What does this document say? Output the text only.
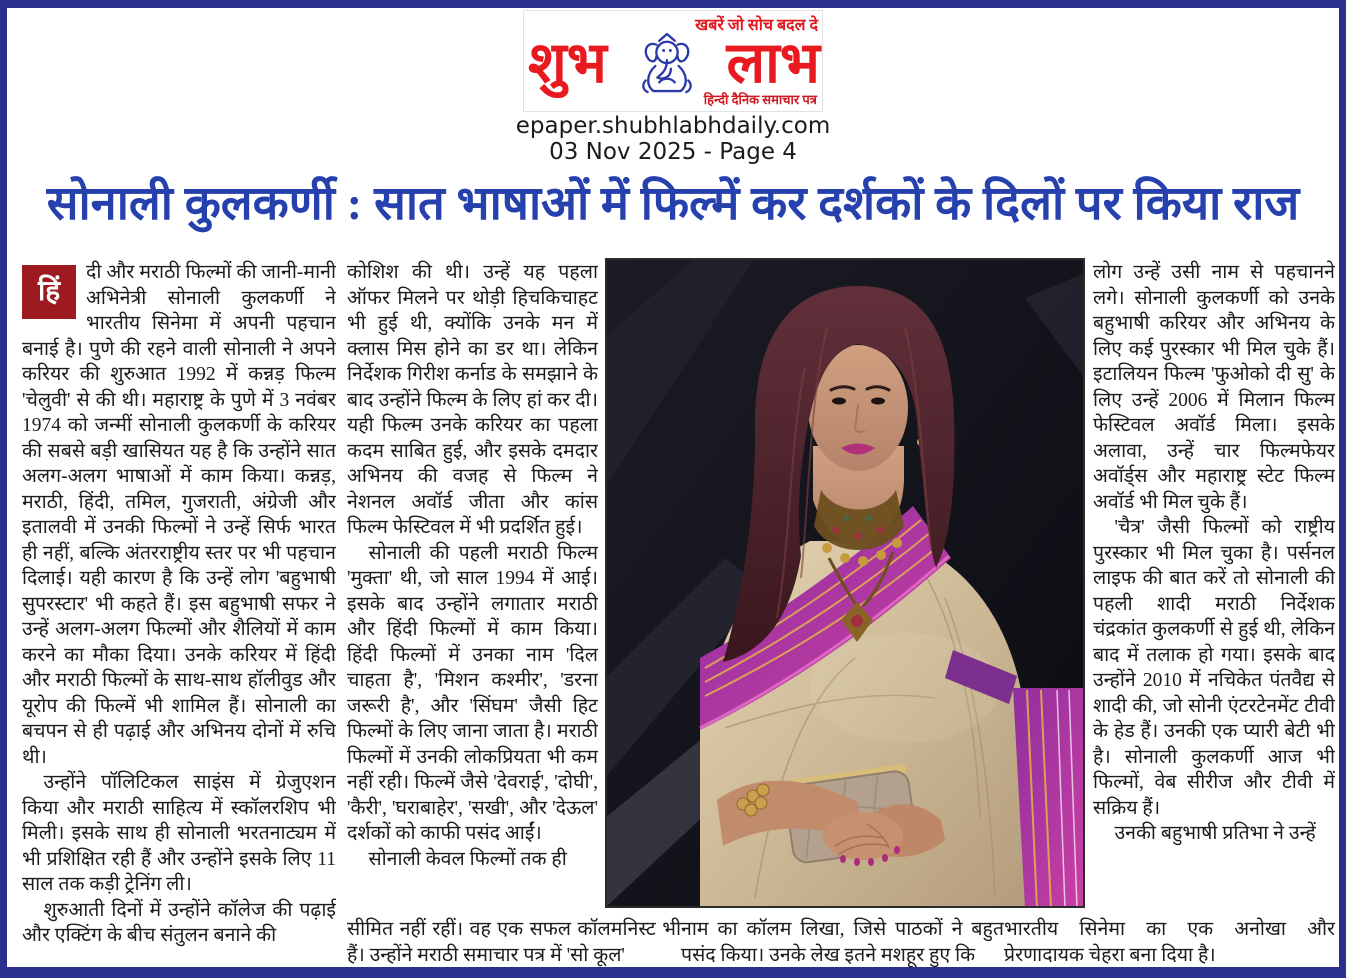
खबरें जो सोच बदल दे
शुभ लाभ
हिन्दी दैनिक समाचार पत्र
epaper.shubhlabhdaily.com
03 Nov 2025 - Page 4
सोनाली कुलकर्णी : सात भाषाओं में फिल्में कर दर्शकों के दिलों पर किया राज
हिं

दी और मराठी फिल्मों की जानी-मानी अभिनेत्री सोनाली कुलकर्णी ने भारतीय सिनेमा में अपनी पहचान बनाई है। पुणे की रहने वाली सोनाली ने अपने करियर की शुरुआत 1992 में कन्नड़ फिल्म 'चेलुवी' से की थी। महाराष्ट्र के पुणे में 3 नवंबर 1974 को जन्मीं सोनाली कुलकर्णी के करियर की सबसे बड़ी खासियत यह है कि उन्होंने सात अलग-अलग भाषाओं में काम किया। कन्नड़, मराठी, हिंदी, तमिल, गुजराती, अंग्रेजी और इतालवी में उनकी फिल्मों ने उन्हें सिर्फ भारत ही नहीं, बल्कि अंतरराष्ट्रीय स्तर पर भी पहचान दिलाई। यही कारण है कि उन्हें लोग 'बहुभाषी सुपरस्टार' भी कहते हैं। इस बहुभाषी सफर ने उन्हें अलग-अलग फिल्मों और शैलियों में काम करने का मौका दिया। उनके करियर में हिंदी और मराठी फिल्मों के साथ-साथ हॉलीवुड और यूरोप की फिल्में भी शामिल हैं। सोनाली का बचपन से ही पढ़ाई और अभिनय दोनों में रुचि थी।

उन्होंने पॉलिटिकल साइंस में ग्रेजुएशन किया और मराठी साहित्य में स्कॉलरशिप भी मिली। इसके साथ ही सोनाली भरतनाट्यम में भी प्रशिक्षित रही हैं और उन्होंने इसके लिए 11 साल तक कड़ी ट्रेनिंग ली।

शुरुआती दिनों में उन्होंने कॉलेज की पढ़ाई और एक्टिंग के बीच संतुलन बनाने की

कोशिश की थी। उन्हें यह पहला ऑफर मिलने पर थोड़ी हिचकिचाहट भी हुई थी, क्योंकि उनके मन में क्लास मिस होने का डर था। लेकिन निर्देशक गिरीश कर्नाड के समझाने के बाद उन्होंने फिल्म के लिए हां कर दी। यही फिल्म उनके करियर का पहला कदम साबित हुई, और इसके दमदार अभिनय की वजह से फिल्म ने नेशनल अवॉर्ड जीता और कांस फिल्म फेस्टिवल में भी प्रदर्शित हुई।

सोनाली की पहली मराठी फिल्म 'मुक्ता' थी, जो साल 1994 में आई। इसके बाद उन्होंने लगातार मराठी और हिंदी फिल्मों में काम किया। हिंदी फिल्मों में उनका नाम 'दिल चाहता है', 'मिशन कश्मीर', 'डरना जरूरी है', और 'सिंघम' जैसी हिट फिल्मों के लिए जाना जाता है। मराठी फिल्मों में उनकी लोकप्रियता भी कम नहीं रही। फिल्में जैसे 'देवराई', 'दोघी', 'कैरी', 'घराबाहेर', 'सखी', और 'देऊल' दर्शकों को काफी पसंद आईं।

सोनाली केवल फिल्मों तक ही

लोग उन्हें उसी नाम से पहचानने लगे। सोनाली कुलकर्णी को उनके बहुभाषी करियर और अभिनय के लिए कई पुरस्कार भी मिल चुके हैं। इटालियन फिल्म 'फुओको दी सु' के लिए उन्हें 2006 में मिलान फिल्म फेस्टिवल अवॉर्ड मिला। इसके अलावा, उन्हें चार फिल्मफेयर अवॉर्ड्स और महाराष्ट्र स्टेट फिल्म अवॉर्ड भी मिल चुके हैं।

'चैत्र' जैसी फिल्मों को राष्ट्रीय पुरस्कार भी मिल चुका है। पर्सनल लाइफ की बात करें तो सोनाली की पहली शादी मराठी निर्देशक चंद्रकांत कुलकर्णी से हुई थी, लेकिन बाद में तलाक हो गया। इसके बाद उन्होंने 2010 में नचिकेत पंतवैद्य से शादी की, जो सोनी एंटरटेनमेंट टीवी के हेड हैं। उनकी एक प्यारी बेटी भी है। सोनाली कुलकर्णी आज भी फिल्मों, वेब सीरीज और टीवी में सक्रिय हैं।

उनकी बहुभाषी प्रतिभा ने उन्हें

सीमित नहीं रहीं। वह एक सफल कॉलमनिस्ट भी हैं। उन्होंने मराठी समाचार पत्र में 'सो कूल'
नाम का कॉलम लिखा, जिसे पाठकों ने बहुत पसंद किया। उनके लेख इतने मशहूर हुए कि
भारतीय सिनेमा का एक अनोखा और प्रेरणादायक चेहरा बना दिया है।
